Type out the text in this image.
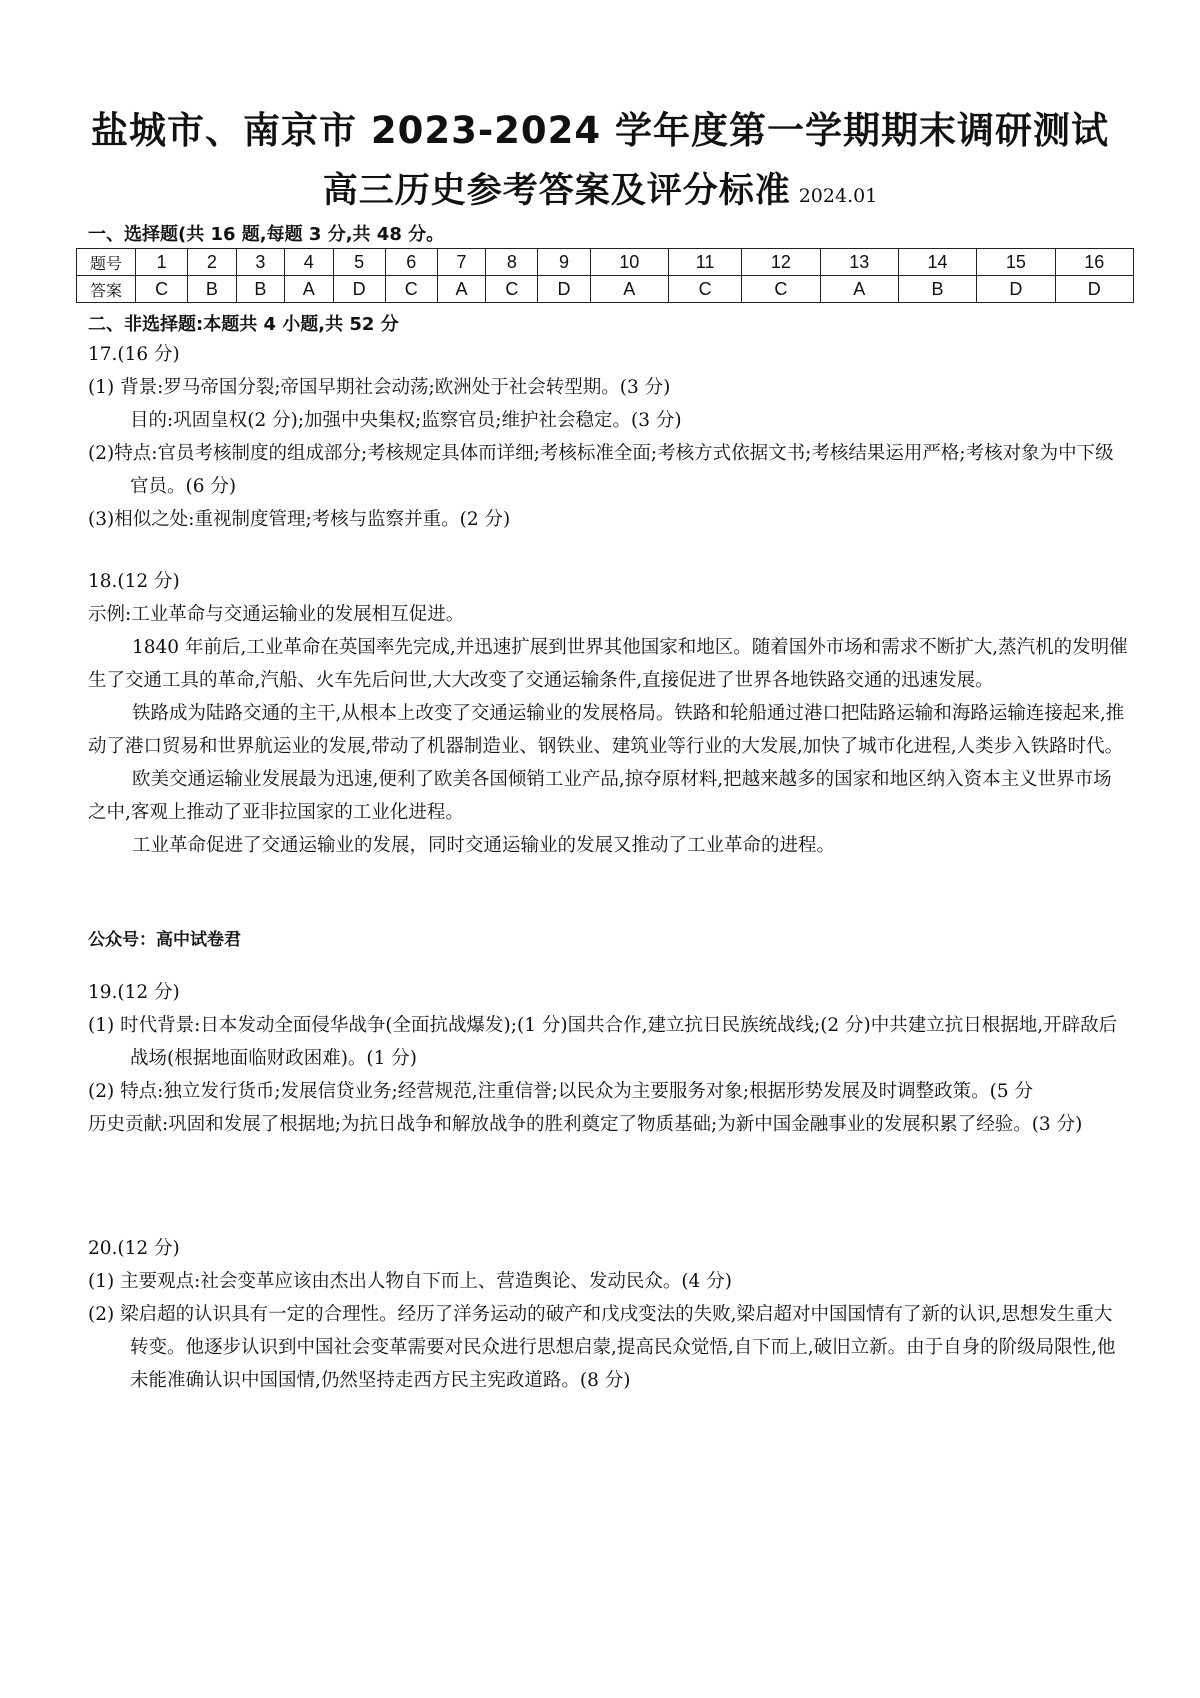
盐城市、南京市 2023-2024 学年度第一学期期末调研测试
高三历史参考答案及评分标准 2024.01
一、选择题(共 16 题,每题 3 分,共 48 分。
题号	1	2	3	4	5	6	7	8	9	10	11	12	13	14	15	16
答案	C	B	B	A	D	C	A	C	D	A	C	C	A	B	D	D
二、非选择题:本题共 4 小题,共 52 分

17.(16 分)

(1) 背景:罗马帝国分裂;帝国早期社会动荡;欧洲处于社会转型期。(3 分)

目的:巩固皇权(2 分);加强中央集权;监察官员;维护社会稳定。(3 分)

(2)特点:官员考核制度的组成部分;考核规定具体而详细;考核标准全面;考核方式依据文书;考核结果运用严格;考核对象为中下级官员。(6 分)

(3)相似之处:重视制度管理;考核与监察并重。(2 分)

18.(12 分)

示例:工业革命与交通运输业的发展相互促进。

1840 年前后,工业革命在英国率先完成,并迅速扩展到世界其他国家和地区。随着国外市场和需求不断扩大,蒸汽机的发明催生了交通工具的革命,汽船、火车先后问世,大大改变了交通运输条件,直接促进了世界各地铁路交通的迅速发展。

铁路成为陆路交通的主干,从根本上改变了交通运输业的发展格局。铁路和轮船通过港口把陆路运输和海路运输连接起来,推动了港口贸易和世界航运业的发展,带动了机器制造业、钢铁业、建筑业等行业的大发展,加快了城市化进程,人类步入铁路时代。

欧美交通运输业发展最为迅速,便利了欧美各国倾销工业产品,掠夺原材料,把越来越多的国家和地区纳入资本主义世界市场之中,客观上推动了亚非拉国家的工业化进程。

工业革命促进了交通运输业的发展，同时交通运输业的发展又推动了工业革命的进程。

公众号：高中试卷君

19.(12 分)

(1) 时代背景:日本发动全面侵华战争(全面抗战爆发);(1 分)国共合作,建立抗日民族统战线;(2 分)中共建立抗日根据地,开辟敌后战场(根据地面临财政困难)。(1 分)

(2) 特点:独立发行货币;发展信贷业务;经营规范,注重信誉;以民众为主要服务对象;根据形势发展及时调整政策。(5 分

历史贡献:巩固和发展了根据地;为抗日战争和解放战争的胜利奠定了物质基础;为新中国金融事业的发展积累了经验。(3 分)

20.(12 分)

(1) 主要观点:社会变革应该由杰出人物自下而上、营造舆论、发动民众。(4 分)

(2) 梁启超的认识具有一定的合理性。经历了洋务运动的破产和戊戌变法的失败,梁启超对中国国情有了新的认识,思想发生重大转变。他逐步认识到中国社会变革需要对民众进行思想启蒙,提高民众觉悟,自下而上,破旧立新。由于自身的阶级局限性,他未能准确认识中国国情,仍然坚持走西方民主宪政道路。(8 分)
